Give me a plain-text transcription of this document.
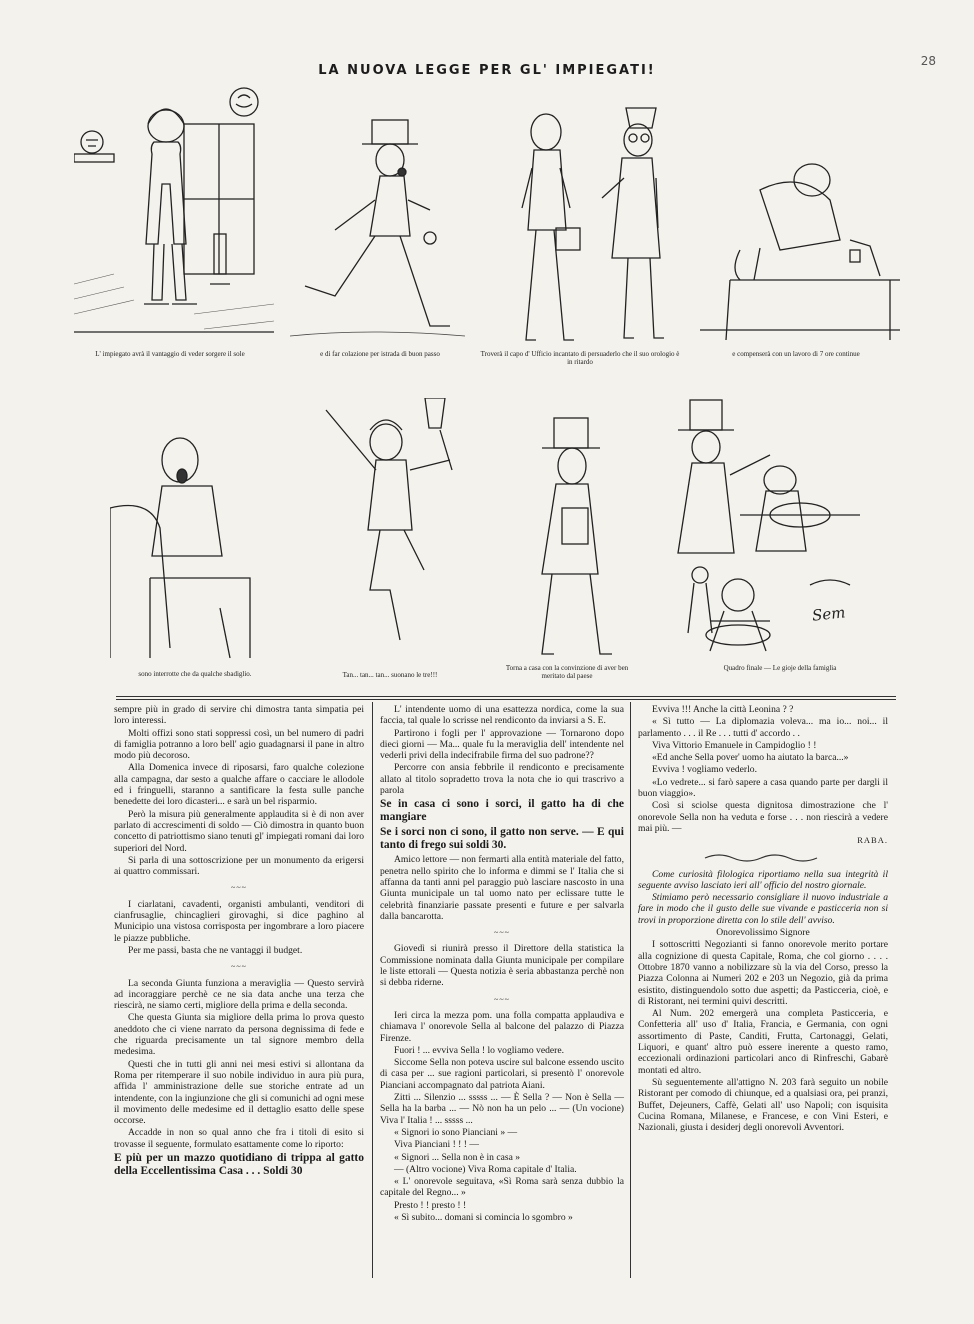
28
LA NUOVA LEGGE PER GL' IMPIEGATI!
L' impiegato avrà il vantaggio di veder sorgere il sole	e di far colazione per istrada di buon passo	Troverà il capo d' Ufficio incantato di persuaderlo che il suo orologio è in ritardo
e compenserà con un lavoro di 7 ore continue
Sem
sono interrotte che da qualche sbadiglio.	Tan... tan... tan... suonano le tre!!!
Torna a casa con la convinzione di aver ben meritato dal paese
Quadro finale — Le gioje della famiglia

sempre più in grado di servire chi dimostra tanta simpatia pei loro interessi.

Molti offizi sono stati soppressi così, un bel numero di padri di famiglia potranno a loro bell' agio guadagnarsi il pane in altro modo più decoroso.

Alla Domenica invece di riposarsi, faro qualche colezione alla campagna, dar sesto a qualche affare o cacciare le allodole ed i fringuelli, staranno a santificare la festa sulle panche benedette dei loro dicasteri... e sarà un bel risparmio.

Però la misura più generalmente applaudita si è di non aver parlato di accrescimenti di soldo — Ciò dimostra in quanto buon concetto di patriottismo siano tenuti gl' impiegati romani dai loro superiori del Nord.

Si parla di una sottoscrizione per un monumento da erigersi ai quattro commissari.

~~~

I ciarlatani, cavadenti, organisti ambulanti, venditori di cianfrusaglie, chincaglieri girovaghi, si dice paghino al Municipio una vistosa corrisposta per ingombrare a loro piacere le piazze pubbliche.

Per me passi, basta che ne vantaggi il budget.

~~~

La seconda Giunta funziona a meraviglia — Questo servirà ad incoraggiare perchè ce ne sia data anche una terza che riescirà, ne siamo certi, migliore della prima e della seconda.

Che questa Giunta sia migliore della prima lo prova questo aneddoto che ci viene narrato da persona degnissima di fede e che riguarda precisamente un tal signore membro della medesima.

Questi che in tutti gli anni nei mesi estivi si allontana da Roma per ritemperare il suo nobile individuo in aura più pura, affida l' amministrazione delle sue storiche entrate ad un intendente, con la ingiunzione che gli si comunichi ad ogni mese il movimento delle medesime ed il dettaglio esatto delle spese occorse.

Accadde in non so qual anno che fra i titoli di esito si trovasse il seguente, formulato esattamente come lo riporto:

E più per un mazzo quotidiano di trippa al gatto della Eccellentissima Casa . . . Soldi 30

L' intendente uomo di una esattezza nordica, come la sua faccia, tal quale lo scrisse nel rendiconto da inviarsi a S. E.

Partirono i fogli per l' approvazione — Tornarono dopo dieci giorni — Ma... quale fu la meraviglia dell' intendente nel vederli privi della indecifrabile firma del suo padrone??

Percorre con ansia febbrile il rendiconto e precisamente allato al titolo sopradetto trova la nota che io qui trascrivo a parola

Se in casa ci sono i sorci, il gatto ha di che mangiare

Se i sorci non ci sono, il gatto non serve. — E qui tanto di frego sui soldi 30.

Amico lettore — non fermarti alla entità materiale del fatto, penetra nello spirito che lo informa e dimmi se l' Italia che si affanna da tanti anni pel paraggio può lasciare nascosto in una Giunta municipale un tal uomo nato per eclissare tutte le celebrità finanziarie passate presenti e future e per salvarla dalla bancarotta.

~~~

Giovedì si riunirà presso il Direttore della statistica la Commissione nominata dalla Giunta municipale per compilare le liste ettorali — Questa notizia è seria abbastanza perchè non si debba riderne.

~~~

Ieri circa la mezza pom. una folla compatta applaudiva e chiamava l' onorevole Sella al balcone del palazzo di Piazza Firenze.

Fuori ! ... evviva Sella ! lo vogliamo vedere.

Siccome Sella non poteva uscire sul balcone essendo uscito di casa per ... sue ragioni particolari, si presentò l' onorevole Pianciani accompagnato dal patriota Aiani.

Zitti ... Silenzio ... sssss ... — È Sella ? — Non è Sella — Sella ha la barba ... — Nò non ha un pelo ... — (Un vocione) Viva l' Italia ! ... sssss ...

« Signori io sono Pianciani » —

Viva Pianciani ! ! ! —

« Signori ... Sella non è in casa »

— (Altro vocione) Viva Roma capitale d' Italia.

« L' onorevole seguitava, «Sì Roma sarà senza dubbio la capitale del Regno... »

Presto ! ! presto ! !

« Sì subito... domani si comincia lo sgombro »

Evviva !!! Anche la città Leonina ? ?

« Sì tutto — La diplomazia voleva... ma io... noi... il parlamento . . . il Re . . . tutti d' accordo . .

Viva Vittorio Emanuele in Campidoglio ! !

«Ed anche Sella pover' uomo ha aiutato la barca...»

Evviva ! vogliamo vederlo.

«Lo vedrete... si farò sapere a casa quando parte per dargli il buon viaggio».

Così si sciolse questa dignitosa dimostrazione che l' onorevole Sella non ha veduta e forse . . . non riescirà a vedere mai più. —

RABA.

Come curiosità filologica riportiamo nella sua integrità il seguente avviso lasciato ieri all' officio del nostro giornale.

Stimiamo però necessario consigliare il nuovo industriale a fare in modo che il gusto delle sue vivande e pasticceria non si trovi in proporzione diretta con lo stile dell' avviso.

Onorevolissimo Signore

I sottoscritti Negozianti si fanno onorevole merito portare alla cognizione di questa Capitale, Roma, che col giorno . . . . Ottobre 1870 vanno a nobilizzare sù la via del Corso, presso la Piazza Colonna ai Numeri 202 e 203 un Negozio, già da prima esistito, distinguendolo sotto due aspetti; da Pasticceria, cioè, e di Ristorant, nei termini quivi descritti.

Al Num. 202 emergerà una completa Pasticceria, e Confetteria all' uso d' Italia, Francia, e Germania, con ogni assortimento di Paste, Canditi, Frutta, Cartonaggi, Gelati, Liquori, e quant' altro può essere inerente a questo ramo, eccezionali ordinazioni particolari anco di Rinfreschi, Gabarè montati ed altro.

Sù seguentemente all'attigno N. 203 farà seguito un nobile Ristorant per comodo di chiunque, ed a qualsiasi ora, pei pranzi, Buffet, Dejeuners, Caffè, Gelati all' uso Napoli; con isquisita Cucina Romana, Milanese, e Francese, e con Vini Esteri, e Nazionali, giusta i desiderj degli onorevoli Avventori.
